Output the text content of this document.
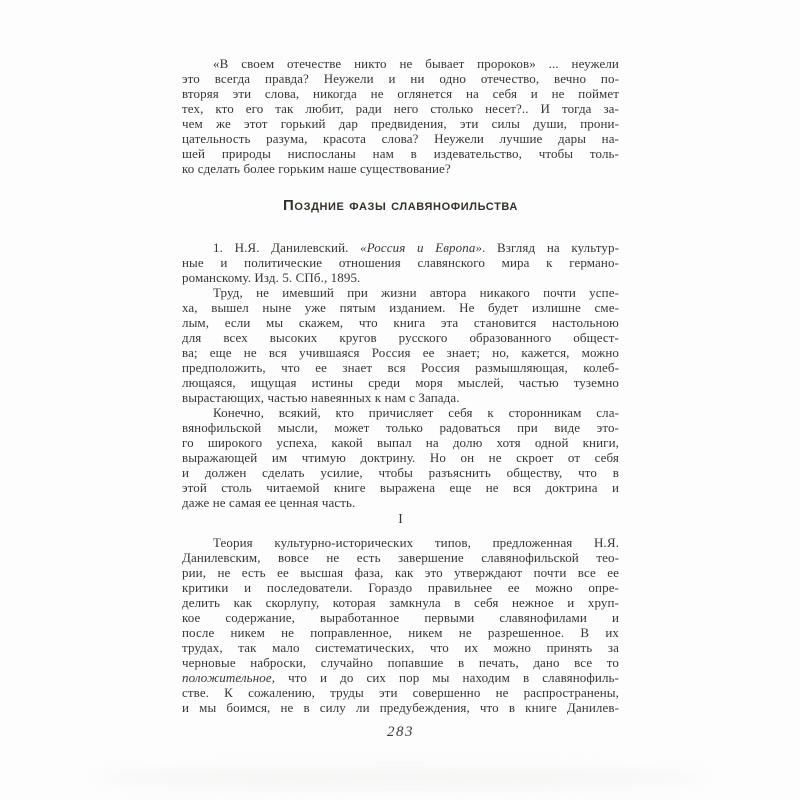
«В своем отечестве никто не бывает пророков» ... неужели
это всегда правда? Неужели и ни одно отечество, вечно по-
вторяя эти слова, никогда не оглянется на себя и не поймет
тех, кто его так любит, ради него столько несет?.. И тогда за-
чем же этот горький дар предвидения, эти силы души, прони-
цательность разума, красота слова? Неужели лучшие дары на-
шей природы ниспосланы нам в издевательство, чтобы толь-
ко сделать более горьким наше существование?
Поздние фазы славянофильства
1. Н.Я. Данилевский. «Россия и Европа». Взгляд на культур-
ные и политические отношения славянского мира к германо-
романскому. Изд. 5. СПб., 1895.
Труд, не имевший при жизни автора никакого почти успе-
ха, вышел ныне уже пятым изданием. Не будет излишне сме-
лым, если мы скажем, что книга эта становится настольною
для всех высоких кругов русского образованного общест-
ва; еще не вся учившаяся Россия ее знает; но, кажется, можно
предположить, что ее знает вся Россия размышляющая, колеб-
лющаяся, ищущая истины среди моря мыслей, частью туземно
вырастающих, частью навеянных к нам с Запада.
Конечно, всякий, кто причисляет себя к сторонникам сла-
вянофильской мысли, может только радоваться при виде это-
го широкого успеха, какой выпал на долю хотя одной книги,
выражающей им чтимую доктрину. Но он не скроет от себя
и должен сделать усилие, чтобы разъяснить обществу, что в
этой столь читаемой книге выражена еще не вся доктрина и
даже не самая ее ценная часть.
I
Теория культурно-исторических типов, предложенная Н.Я.
Данилевским, вовсе не есть завершение славянофильской тео-
рии, не есть ее высшая фаза, как это утверждают почти все ее
критики и последователи. Гораздо правильнее ее можно опре-
делить как скорлупу, которая замкнула в себя нежное и хруп-
кое содержание, выработанное первыми славянофилами и
после никем не поправленное, никем не разрешенное. В их
трудах, так мало систематических, что их можно принять за
черновые наброски, случайно попавшие в печать, дано все то
положительное, что и до сих пор мы находим в славянофиль-
стве. К сожалению, труды эти совершенно не распространены,
и мы боимся, не в силу ли предубеждения, что в книге Данилев-
283
